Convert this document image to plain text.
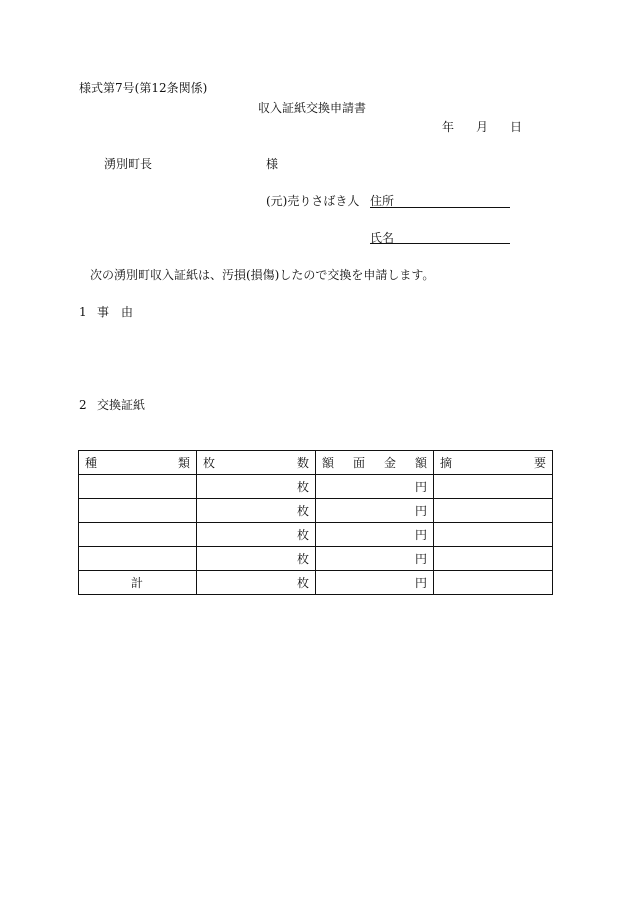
様式第7号(第12条関係)
収入証紙交換申請書
年 月 日
湧別町長	様
(元)売りさばき人 住所
氏名
次の湧別町収入証紙は、汚損(損傷)したので交換を申請します。
1 事　由
2 交換証紙
種 類	枚 数	額 面 金 額	摘 要

	枚	円	
	枚	円	
	枚	円	
	枚	円	
計	枚	円	
